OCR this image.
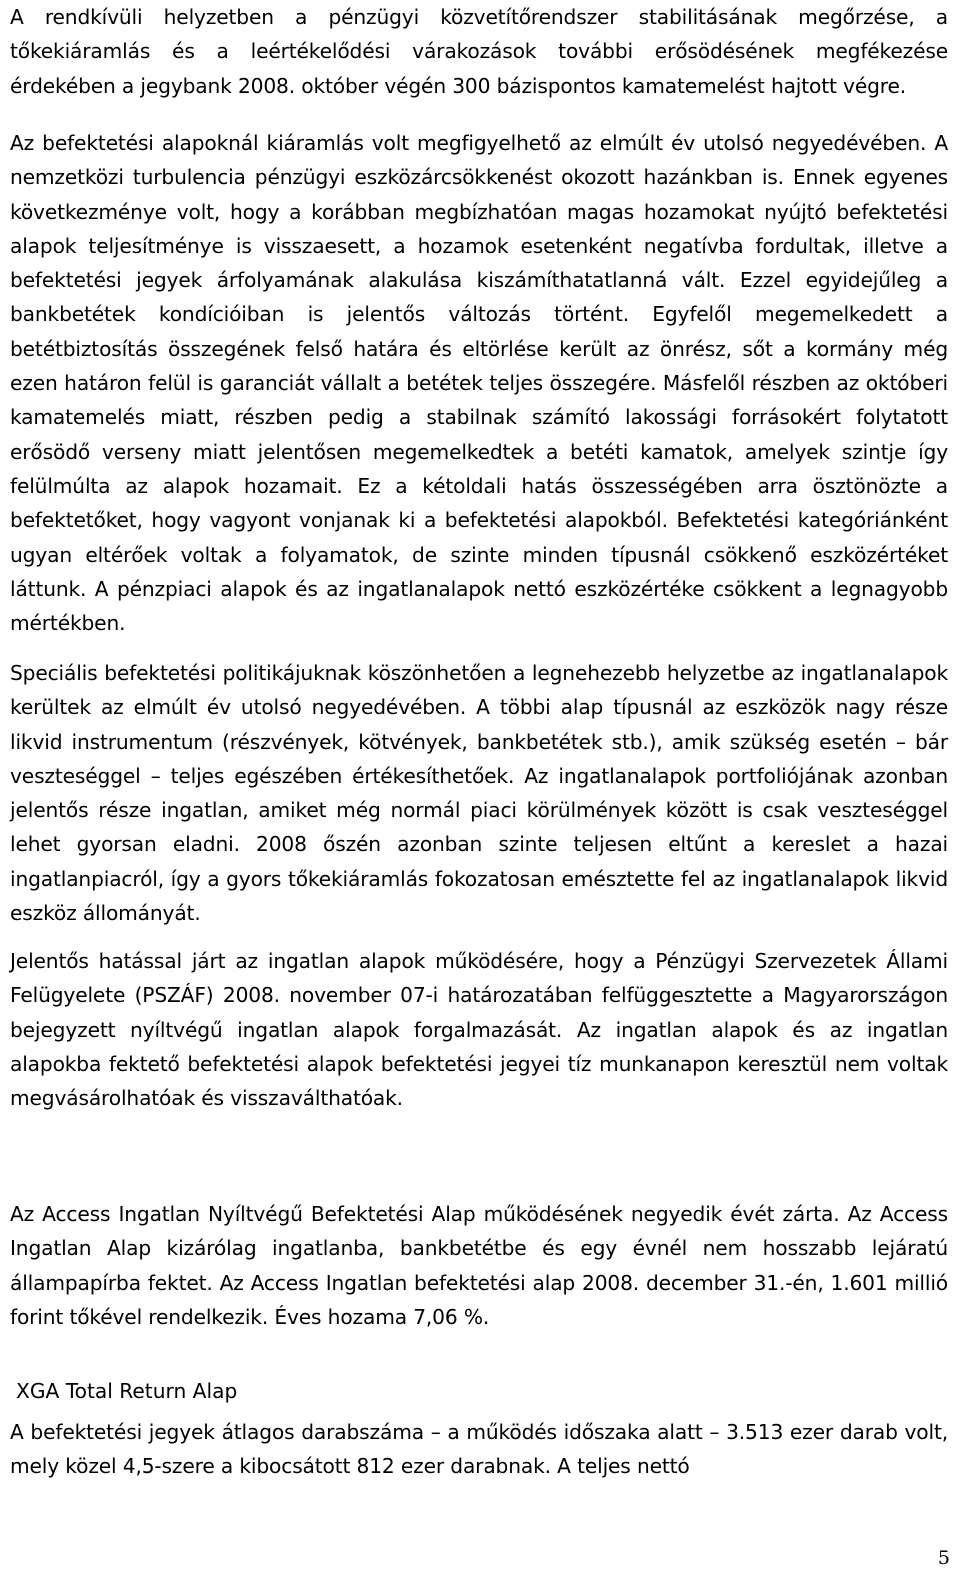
A rendkívüli helyzetben a pénzügyi közvetítőrendszer stabilitásának megőrzése, a tőkekiáramlás és a leértékelődési várakozások további erősödésének megfékezése érdekében a jegybank 2008. október végén 300 bázispontos kamatemelést hajtott végre.

Az befektetési alapoknál kiáramlás volt megfigyelhető az elmúlt év utolsó negyedévében. A nemzetközi turbulencia pénzügyi eszközárcsökkenést okozott hazánkban is. Ennek egyenes következménye volt, hogy a korábban megbízhatóan magas hozamokat nyújtó befektetési alapok teljesítménye is visszaesett, a hozamok esetenként negatívba fordultak, illetve a befektetési jegyek árfolyamának alakulása kiszámíthatatlanná vált. Ezzel egyidejűleg a bankbetétek kondícióiban is jelentős változás történt. Egyfelől megemelkedett a betétbiztosítás összegének felső határa és eltörlése került az önrész, sőt a kormány még ezen határon felül is garanciát vállalt a betétek teljes összegére. Másfelől részben az októberi kamatemelés miatt, részben pedig a stabilnak számító lakossági forrásokért folytatott erősödő verseny miatt jelentősen megemelkedtek a betéti kamatok, amelyek szintje így felülmúlta az alapok hozamait. Ez a kétoldali hatás összességében arra ösztönözte a befektetőket, hogy vagyont vonjanak ki a befektetési alapokból. Befektetési kategóriánként ugyan eltérőek voltak a folyamatok, de szinte minden típusnál csökkenő eszközértéket láttunk. A pénzpiaci alapok és az ingatlanalapok nettó eszközértéke csökkent a legnagyobb mértékben.

Speciális befektetési politikájuknak köszönhetően a legnehezebb helyzetbe az ingatlanalapok kerültek az elmúlt év utolsó negyedévében. A többi alap típusnál az eszközök nagy része likvid instrumentum (részvények, kötvények, bankbetétek stb.), amik szükség esetén – bár veszteséggel – teljes egészében értékesíthetőek. Az ingatlanalapok portfoliójának azonban jelentős része ingatlan, amiket még normál piaci körülmények között is csak veszteséggel lehet gyorsan eladni. 2008 őszén azonban szinte teljesen eltűnt a kereslet a hazai ingatlanpiacról, így a gyors tőkekiáramlás fokozatosan emésztette fel az ingatlanalapok likvid eszköz állományát.

Jelentős hatással járt az ingatlan alapok működésére, hogy a Pénzügyi Szervezetek Állami Felügyelete (PSZÁF) 2008. november 07-i határozatában felfüggesztette a Magyarországon bejegyzett nyíltvégű ingatlan alapok forgalmazását. Az ingatlan alapok és az ingatlan alapokba fektető befektetési alapok befektetési jegyei tíz munkanapon keresztül nem voltak megvásárolhatóak és visszaválthatóak.

Az Access Ingatlan Nyíltvégű Befektetési Alap működésének negyedik évét zárta. Az Access Ingatlan Alap kizárólag ingatlanba, bankbetétbe és egy évnél nem hosszabb lejáratú állampapírba fektet. Az Access Ingatlan befektetési alap 2008. december 31.-én, 1.601 millió forint tőkével rendelkezik. Éves hozama 7,06 %.

XGA Total Return Alap

A befektetési jegyek átlagos darabszáma – a működés időszaka alatt – 3.513 ezer darab volt, mely közel 4,5-szere a kibocsátott 812 ezer darabnak. A teljes nettó

5
